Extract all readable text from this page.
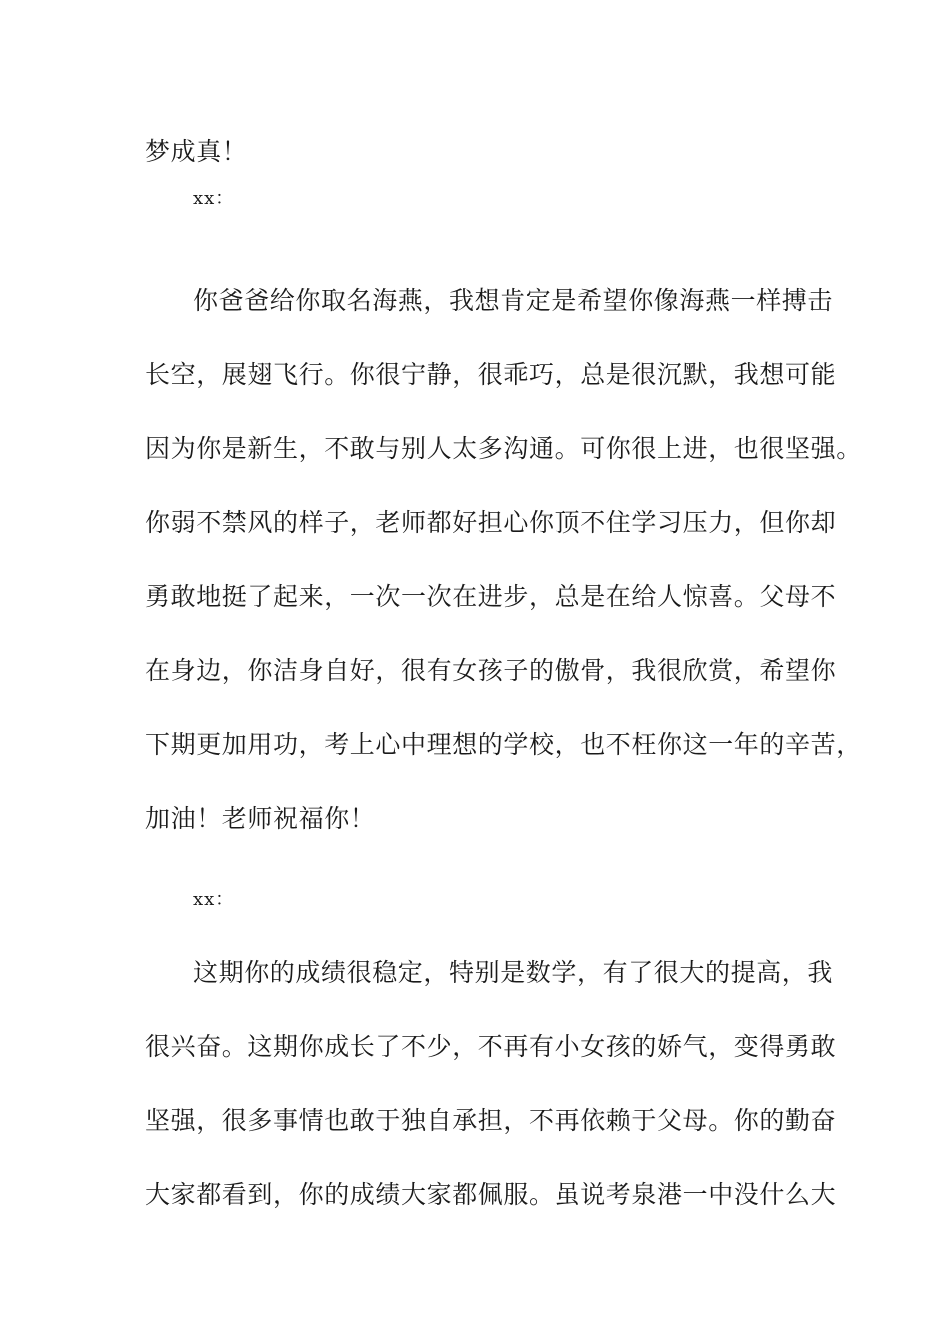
梦成真！
xx：
你爸爸给你取名海燕，我想肯定是希望你像海燕一样搏击
长空，展翅飞行。你很宁静，很乖巧，总是很沉默，我想可能
因为你是新生，不敢与别人太多沟通。可你很上进，也很坚强。
你弱不禁风的样子，老师都好担心你顶不住学习压力，但你却
勇敢地挺了起来，一次一次在进步，总是在给人惊喜。父母不
在身边，你洁身自好，很有女孩子的傲骨，我很欣赏，希望你
下期更加用功，考上心中理想的学校，也不枉你这一年的辛苦，
加油！老师祝福你！
xx：
这期你的成绩很稳定，特别是数学，有了很大的提高，我
很兴奋。这期你成长了不少，不再有小女孩的娇气，变得勇敢
坚强，很多事情也敢于独自承担，不再依赖于父母。你的勤奋
大家都看到，你的成绩大家都佩服。虽说考泉港一中没什么大
